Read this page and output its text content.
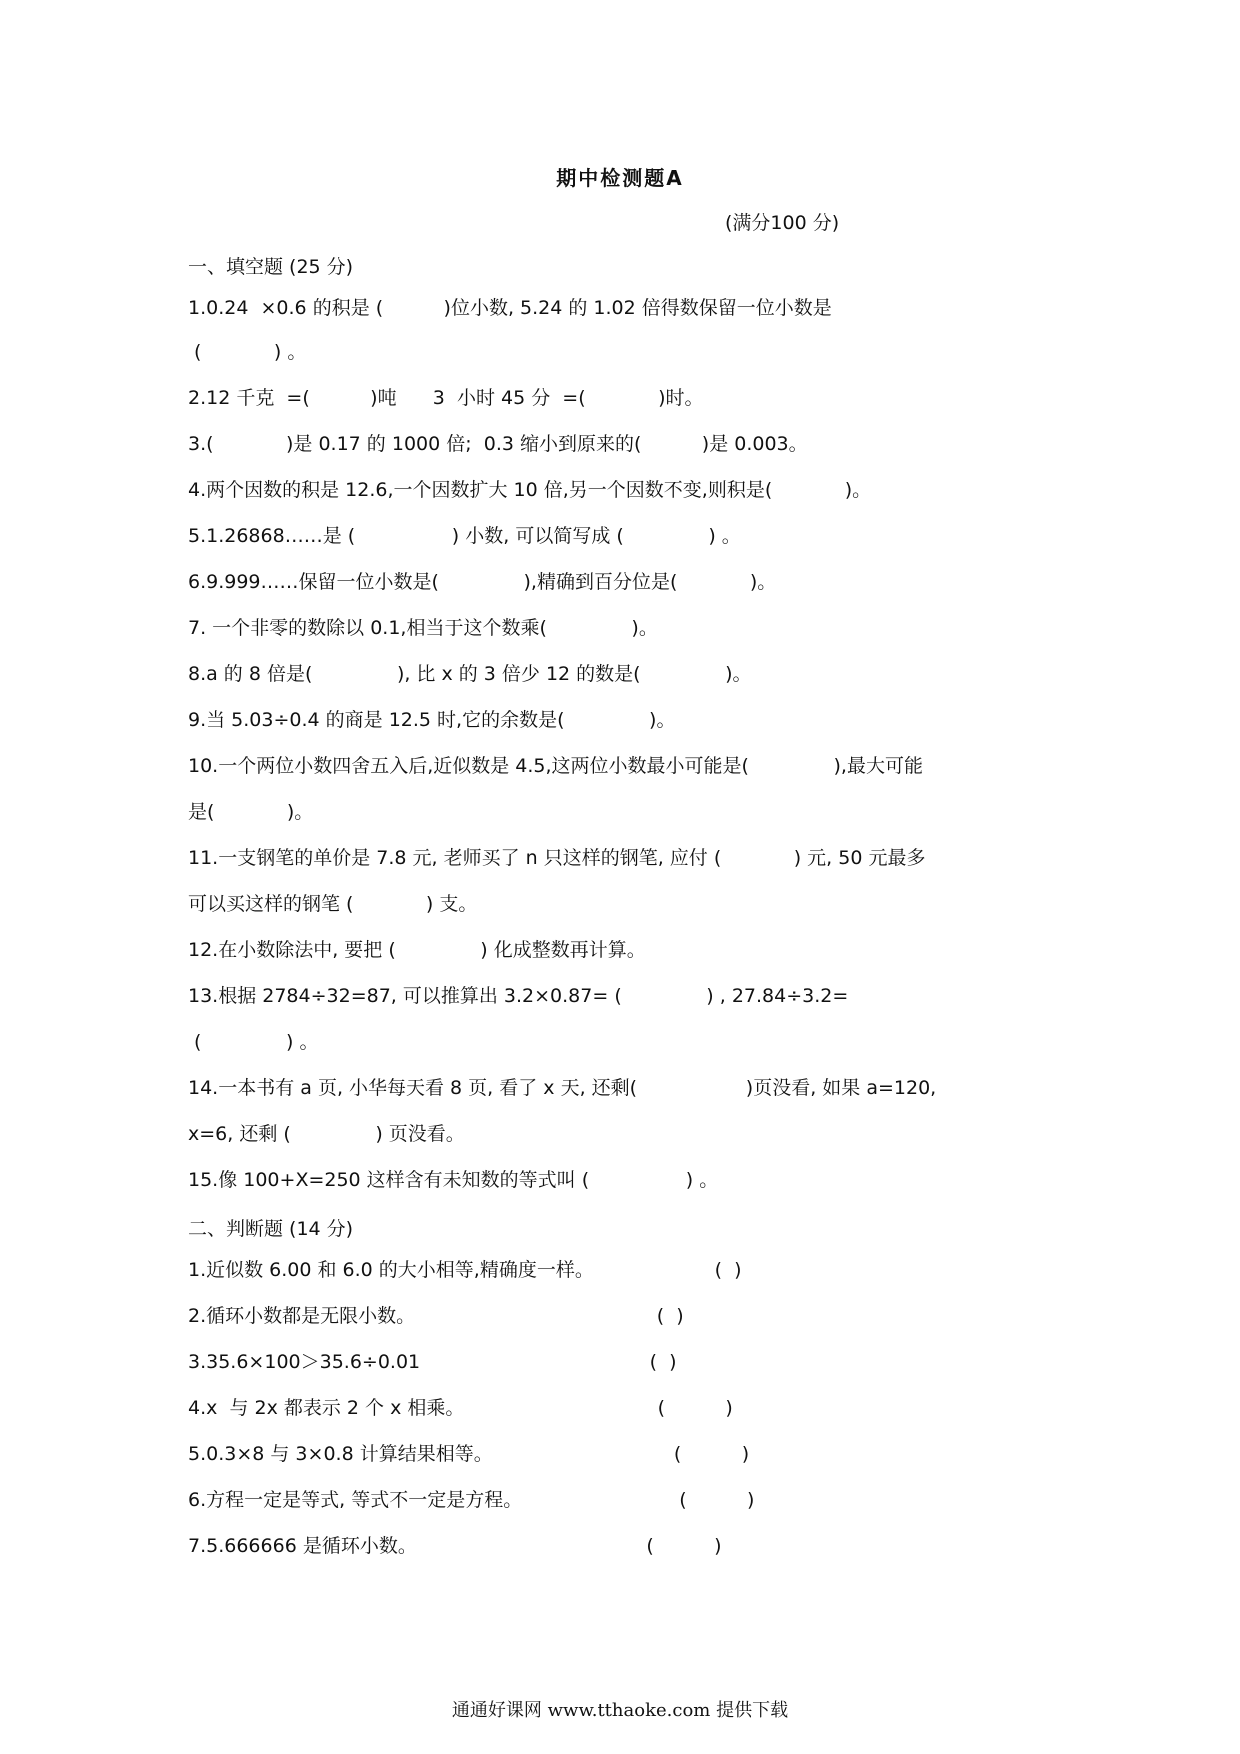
期中检测题A
(满分100 分)
一、填空题 (25 分)
1.0.24  ×0.6 的积是 (          )位小数, 5.24 的 1.02 倍得数保留一位小数是
(            ) 。
2.12 千克  =(          )吨      3  小时 45 分  =(            )时。
3.(            )是 0.17 的 1000 倍;  0.3 缩小到原来的(          )是 0.003。
4.两个因数的积是 12.6,一个因数扩大 10 倍,另一个因数不变,则积是(            )。
5.1.26868……是 (                ) 小数, 可以简写成 (              ) 。
6.9.999……保留一位小数是(              ),精确到百分位是(            )。
7. 一个非零的数除以 0.1,相当于这个数乘(              )。
8.a 的 8 倍是(              ), 比 x 的 3 倍少 12 的数是(              )。
9.当 5.03÷0.4 的商是 12.5 时,它的余数是(              )。
10.一个两位小数四舍五入后,近似数是 4.5,这两位小数最小可能是(              ),最大可能
是(            )。
11.一支钢笔的单价是 7.8 元, 老师买了 n 只这样的钢笔, 应付 (            ) 元, 50 元最多
可以买这样的钢笔 (            ) 支。
12.在小数除法中, 要把 (              ) 化成整数再计算。
13.根据 2784÷32=87, 可以推算出 3.2×0.87= (              ) , 27.84÷3.2=
(              ) 。
14.一本书有 a 页, 小华每天看 8 页, 看了 x 天, 还剩(                  )页没看, 如果 a=120,
x=6, 还剩 (              ) 页没看。
15.像 100+X=250 这样含有未知数的等式叫 (                ) 。
二、判断题 (14 分)
1.近似数 6.00 和 6.0 的大小相等,精确度一样。                    (  )
2.循环小数都是无限小数。                                        (  )
3.35.6×100＞35.6÷0.01                                      (  )
4.x  与 2x 都表示 2 个 x 相乘。                                (          )
5.0.3×8 与 3×0.8 计算结果相等。                              (          )
6.方程一定是等式, 等式不一定是方程。                          (          )
7.5.666666 是循环小数。                                      (          )
通通好课网 www.tthaoke.com 提供下载
